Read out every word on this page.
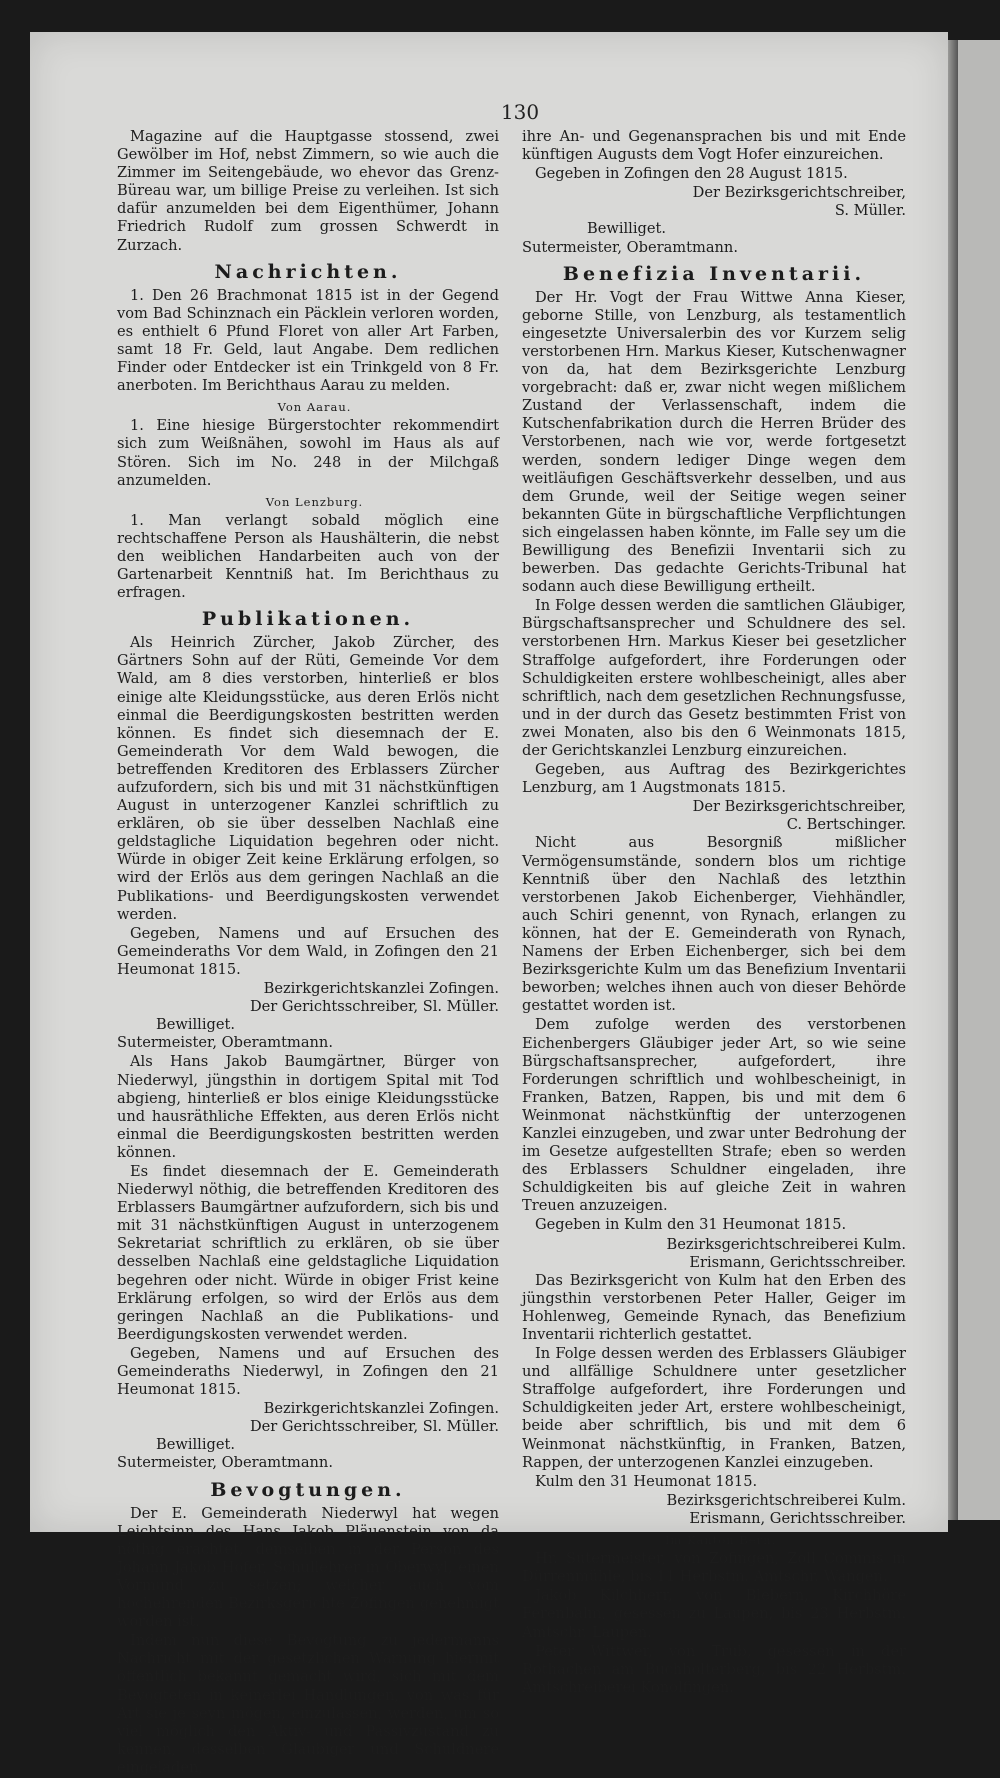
130

Magazine auf die Hauptgasse stossend, zwei Gewölber im Hof, nebst Zimmern, so wie auch die Zimmer im Seitengebäude, wo ehevor das Grenz-Büreau war, um billige Preise zu verleihen. Ist sich dafür anzumelden bei dem Eigenthümer, Johann Friedrich Rudolf zum grossen Schwerdt in Zurzach.

Nachrichten.

1. Den 26 Brachmonat 1815 ist in der Gegend vom Bad Schinznach ein Päcklein verloren worden, es enthielt 6 Pfund Floret von aller Art Farben, samt 18 Fr. Geld, laut Angabe. Dem redlichen Finder oder Entdecker ist ein Trinkgeld von 8 Fr. anerboten. Im Berichthaus Aarau zu melden.

Von Aarau.

1. Eine hiesige Bürgerstochter rekommendirt sich zum Weißnähen, sowohl im Haus als auf Stören. Sich im No. 248 in der Milchgaß anzumelden.

Von Lenzburg.

1. Man verlangt sobald möglich eine rechtschaffene Person als Haushälterin, die nebst den weiblichen Handarbeiten auch von der Gartenarbeit Kenntniß hat. Im Berichthaus zu erfragen.

Publikationen.

Als Heinrich Zürcher, Jakob Zürcher, des Gärtners Sohn auf der Rüti, Gemeinde Vor dem Wald, am 8 dies verstorben, hinterließ er blos einige alte Kleidungsstücke, aus deren Erlös nicht einmal die Beerdigungskosten bestritten werden können. Es findet sich diesemnach der E. Gemeinderath Vor dem Wald bewogen, die betreffenden Kreditoren des Erblassers Zürcher aufzufordern, sich bis und mit 31 nächstkünftigen August in unterzogener Kanzlei schriftlich zu erklären, ob sie über desselben Nachlaß eine geldstagliche Liquidation begehren oder nicht. Würde in obiger Zeit keine Erklärung erfolgen, so wird der Erlös aus dem geringen Nachlaß an die Publikations- und Beerdigungskosten verwendet werden.

Gegeben, Namens und auf Ersuchen des Gemeinderaths Vor dem Wald, in Zofingen den 21 Heumonat 1815.

Bezirkgerichtskanzlei Zofingen.

Der Gerichtsschreiber, Sl. Müller.

Bewilliget.

Sutermeister, Oberamtmann.

Als Hans Jakob Baumgärtner, Bürger von Niederwyl, jüngsthin in dortigem Spital mit Tod abgieng, hinterließ er blos einige Kleidungsstücke und hausräthliche Effekten, aus deren Erlös nicht einmal die Beerdigungskosten bestritten werden können.

Es findet diesemnach der E. Gemeinderath Niederwyl nöthig, die betreffenden Kreditoren des Erblassers Baumgärtner aufzufordern, sich bis und mit 31 nächstkünftigen August in unterzogenem Sekretariat schriftlich zu erklären, ob sie über desselben Nachlaß eine geldstagliche Liquidation begehren oder nicht. Würde in obiger Frist keine Erklärung erfolgen, so wird der Erlös aus dem geringen Nachlaß an die Publikations- und Beerdigungskosten verwendet werden.

Gegeben, Namens und auf Ersuchen des Gemeinderaths Niederwyl, in Zofingen den 21 Heumonat 1815.

Bezirkgerichtskanzlei Zofingen.

Der Gerichtsschreiber, Sl. Müller.

Bewilliget.

Sutermeister, Oberamtmann.

Bevogtungen.

Der E. Gemeinderath Niederwyl hat wegen Leichtsinn des Hans Jakob Pläuenstein von da nöthig erachtet, demselben in der Person des Johann Jakob Hofer, Schullehrer in Oberwyl, einen Vormund zu setzen; welcher auch vom hochehrenden Bezirksgerichte Zofingen genehmigt worden ist.

Indem nun diese Bevogtung zu jedermanns Nachricht mit der gesetzlichen Warnung hiermit öffentlich bekannt gemacht wird, sich mit dem Bevogteten in keinerlei Handlungen, von was für Art sie je seyn mögen, einzulassen, werden, um so viel möglich den Aktiv- und Passivzustand zu kennen, desselben Gläubiger und Schuldnere eingeladen,

ihre An- und Gegenansprachen bis und mit Ende künftigen Augusts dem Vogt Hofer einzureichen.

Gegeben in Zofingen den 28 August 1815.

Der Bezirksgerichtschreiber,

S. Müller.

Bewilliget.

Sutermeister, Oberamtmann.

Benefizia Inventarii.

Der Hr. Vogt der Frau Wittwe Anna Kieser, geborne Stille, von Lenzburg, als testamentlich eingesetzte Universalerbin des vor Kurzem selig verstorbenen Hrn. Markus Kieser, Kutschenwagner von da, hat dem Bezirksgerichte Lenzburg vorgebracht: daß er, zwar nicht wegen mißlichem Zustand der Verlassenschaft, indem die Kutschenfabrikation durch die Herren Brüder des Verstorbenen, nach wie vor, werde fortgesetzt werden, sondern lediger Dinge wegen dem weitläufigen Geschäftsverkehr desselben, und aus dem Grunde, weil der Seitige wegen seiner bekannten Güte in bürgschaftliche Verpflichtungen sich eingelassen haben könnte, im Falle sey um die Bewilligung des Benefizii Inventarii sich zu bewerben. Das gedachte Gerichts-Tribunal hat sodann auch diese Bewilligung ertheilt.

In Folge dessen werden die samtlichen Gläubiger, Bürgschaftsansprecher und Schuldnere des sel. verstorbenen Hrn. Markus Kieser bei gesetzlicher Straffolge aufgefordert, ihre Forderungen oder Schuldigkeiten erstere wohlbescheinigt, alles aber schriftlich, nach dem gesetzlichen Rechnungsfusse, und in der durch das Gesetz bestimmten Frist von zwei Monaten, also bis den 6 Weinmonats 1815, der Gerichtskanzlei Lenzburg einzureichen.

Gegeben, aus Auftrag des Bezirkgerichtes Lenzburg, am 1 Augstmonats 1815.

Der Bezirksgerichtschreiber,

C. Bertschinger.

Nicht aus Besorgniß mißlicher Vermögensumstände, sondern blos um richtige Kenntniß über den Nachlaß des letzthin verstorbenen Jakob Eichenberger, Viehhändler, auch Schiri genennt, von Rynach, erlangen zu können, hat der E. Gemeinderath von Rynach, Namens der Erben Eichenberger, sich bei dem Bezirksgerichte Kulm um das Benefizium Inventarii beworben; welches ihnen auch von dieser Behörde gestattet worden ist.

Dem zufolge werden des verstorbenen Eichenbergers Gläubiger jeder Art, so wie seine Bürgschaftsansprecher, aufgefordert, ihre Forderungen schriftlich und wohlbescheinigt, in Franken, Batzen, Rappen, bis und mit dem 6 Weinmonat nächstkünftig der unterzogenen Kanzlei einzugeben, und zwar unter Bedrohung der im Gesetze aufgestellten Strafe; eben so werden des Erblassers Schuldner eingeladen, ihre Schuldigkeiten bis auf gleiche Zeit in wahren Treuen anzuzeigen.

Gegeben in Kulm den 31 Heumonat 1815.

Bezirksgerichtschreiberei Kulm.

Erismann, Gerichtsschreiber.

Das Bezirksgericht von Kulm hat den Erben des jüngsthin verstorbenen Peter Haller, Geiger im Hohlenweg, Gemeinde Rynach, das Benefizium Inventarii richterlich gestattet.

In Folge dessen werden des Erblassers Gläubiger und allfällige Schuldnere unter gesetzlicher Straffolge aufgefordert, ihre Forderungen und Schuldigkeiten jeder Art, erstere wohlbescheinigt, beide aber schriftlich, bis und mit dem 6 Weinmonat nächstkünftig, in Franken, Batzen, Rappen, der unterzogenen Kanzlei einzugeben.

Kulm den 31 Heumonat 1815.

Bezirksgerichtschreiberei Kulm.

Erismann, Gerichtsschreiber.

Im Kanton Bern.

Hr. Sutermeister, von Zofingen, Zoll Commis in Dürrenmühle, bis 11 Herbstm. Amtschr. Wangen.

Jakob Kilchherr, von Blebern, Kirchhöre Ferenbalm, gesessen zu Laupen, bis 23 Herbstm. Amtschr. Laupen.

Peter Wittwer, von Trub, gesessen in der Rothachen am Buchholterberg, bis 22 Herbstm. Amtschreiberei Konolfingen.
